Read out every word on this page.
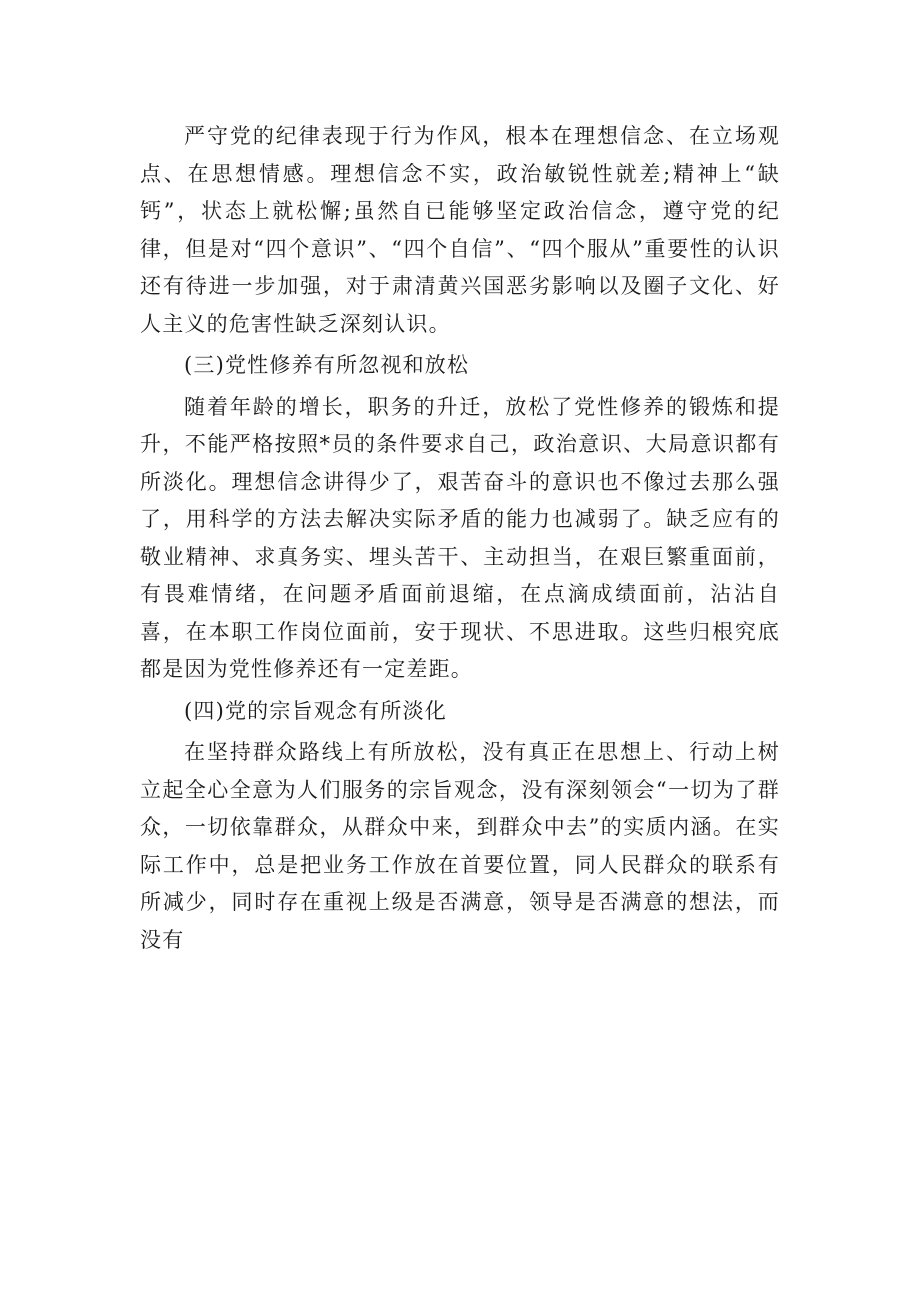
严守党的纪律表现于行为作风，根本在理想信念、在立场观点、在思想情感。理想信念不实，政治敏锐性就差;精神上“缺钙”，状态上就松懈;虽然自已能够坚定政治信念，遵守党的纪律，但是对“四个意识”、“四个自信”、“四个服从”重要性的认识还有待进一步加强，对于肃清黄兴国恶劣影响以及圈子文化、好人主义的危害性缺乏深刻认识。

(三)党性修养有所忽视和放松

随着年龄的增长，职务的升迁，放松了党性修养的锻炼和提升，不能严格按照*员的条件要求自己，政治意识、大局意识都有所淡化。理想信念讲得少了，艰苦奋斗的意识也不像过去那么强了，用科学的方法去解决实际矛盾的能力也减弱了。缺乏应有的敬业精神、求真务实、埋头苦干、主动担当，在艰巨繁重面前，有畏难情绪，在问题矛盾面前退缩，在点滴成绩面前，沾沾自喜，在本职工作岗位面前，安于现状、不思进取。这些归根究底都是因为党性修养还有一定差距。

(四)党的宗旨观念有所淡化

在坚持群众路线上有所放松，没有真正在思想上、行动上树立起全心全意为人们服务的宗旨观念，没有深刻领会“一切为了群众，一切依靠群众，从群众中来，到群众中去”的实质内涵。在实际工作中，总是把业务工作放在首要位置，同人民群众的联系有所减少，同时存在重视上级是否满意，领导是否满意的想法，而没有
